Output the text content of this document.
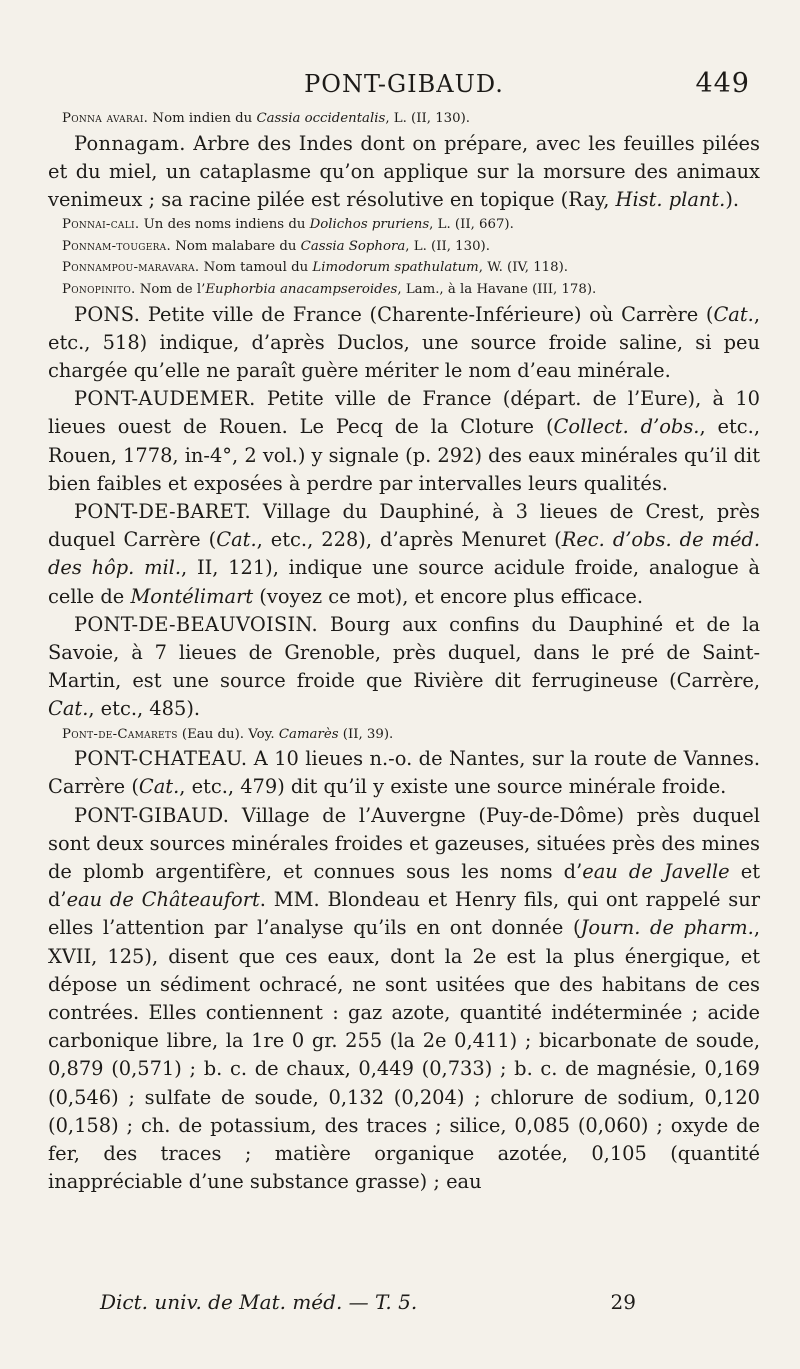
PONT-GIBAUD.	449

Ponna avarai. Nom indien du Cassia occidentalis, L. (II, 130).

Ponnagam. Arbre des Indes dont on prépare, avec les feuilles pilées et du miel, un cataplasme qu’on applique sur la morsure des animaux venimeux ; sa racine pilée est résolutive en topique (Ray, Hist. plant.).

Ponnai-cali. Un des noms indiens du Dolichos pruriens, L. (II, 667).

Ponnam-tougera. Nom malabare du Cassia Sophora, L. (II, 130).

Ponnampou-maravara. Nom tamoul du Limodorum spathulatum, W. (IV, 118).

Ponopinito. Nom de l’Euphorbia anacampseroides, Lam., à la Havane (III, 178).

PONS. Petite ville de France (Charente-Inférieure) où Carrère (Cat., etc., 518) indique, d’après Duclos, une source froide saline, si peu chargée qu’elle ne paraît guère mériter le nom d’eau minérale.

PONT-AUDEMER. Petite ville de France (départ. de l’Eure), à 10 lieues ouest de Rouen. Le Pecq de la Cloture (Collect. d’obs., etc., Rouen, 1778, in-4°, 2 vol.) y signale (p. 292) des eaux minérales qu’il dit bien faibles et exposées à perdre par intervalles leurs qualités.

PONT-DE-BARET. Village du Dauphiné, à 3 lieues de Crest, près duquel Carrère (Cat., etc., 228), d’après Menuret (Rec. d’obs. de méd. des hôp. mil., II, 121), indique une source acidule froide, analogue à celle de Montélimart (voyez ce mot), et encore plus efficace.

PONT-DE-BEAUVOISIN. Bourg aux confins du Dauphiné et de la Savoie, à 7 lieues de Grenoble, près duquel, dans le pré de Saint-Martin, est une source froide que Rivière dit ferrugineuse (Carrère, Cat., etc., 485).

Pont-de-Camarets (Eau du). Voy. Camarès (II, 39).

PONT-CHATEAU. A 10 lieues n.-o. de Nantes, sur la route de Vannes. Carrère (Cat., etc., 479) dit qu’il y existe une source minérale froide.

PONT-GIBAUD. Village de l’Auvergne (Puy-de-Dôme) près duquel sont deux sources minérales froides et gazeuses, situées près des mines de plomb argentifère, et connues sous les noms d’eau de Javelle et d’eau de Châteaufort. MM. Blondeau et Henry fils, qui ont rappelé sur elles l’attention par l’analyse qu’ils en ont donnée (Journ. de pharm., XVII, 125), disent que ces eaux, dont la 2e est la plus énergique, et dépose un sédiment ochracé, ne sont usitées que des habitans de ces contrées. Elles contiennent : gaz azote, quantité indéterminée ; acide carbonique libre, la 1re 0 gr. 255 (la 2e 0,411) ; bicarbonate de soude, 0,879 (0,571) ; b. c. de chaux, 0,449 (0,733) ; b. c. de magnésie, 0,169 (0,546) ; sulfate de soude, 0,132 (0,204) ; chlorure de sodium, 0,120 (0,158) ; ch. de potassium, des traces ; silice, 0,085 (0,060) ; oxyde de fer, des traces ; matière organique azotée, 0,105 (quantité inappréciable d’une substance grasse) ; eau

Dict. univ. de Mat. méd. — T. 5.	29
